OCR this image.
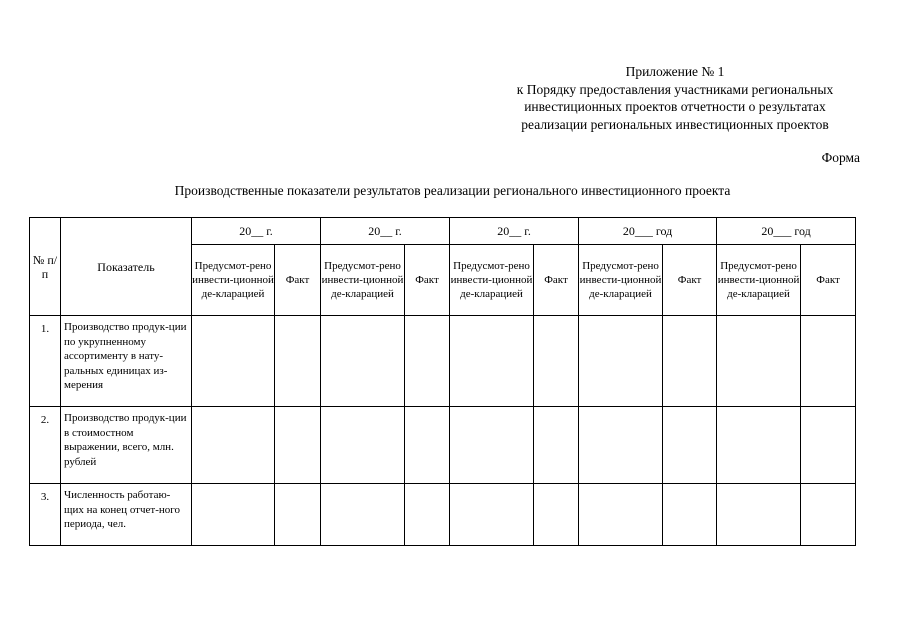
Приложение № 1
к Порядку предоставления участниками региональных
инвестиционных проектов отчетности о результатах
реализации региональных инвестиционных проектов
Форма
Производственные показатели результатов реализации регионального инвестиционного проекта
№ п/п	Показатель	20__ г.		20__ г.		20__ г.		20___ год		20___ год	
		Предусмот-рено инвести-ционной де-кларацией	Факт	Предусмот-рено инвести-ционной де-кларацией	Факт	Предусмот-рено инвести-ционной де-кларацией	Факт	Предусмот-рено инвести-ционной де-кларацией	Факт	Предусмот-рено инвести-ционной де-кларацией	Факт
1.	Производство продук-ции по укрупненному ассортименту в нату-ральных единицах из-мерения										
2.	Производство продук-ции в стоимостном выражении, всего, млн. рублей										
3.	Численность работаю-щих на конец отчет-ного периода, чел.										
